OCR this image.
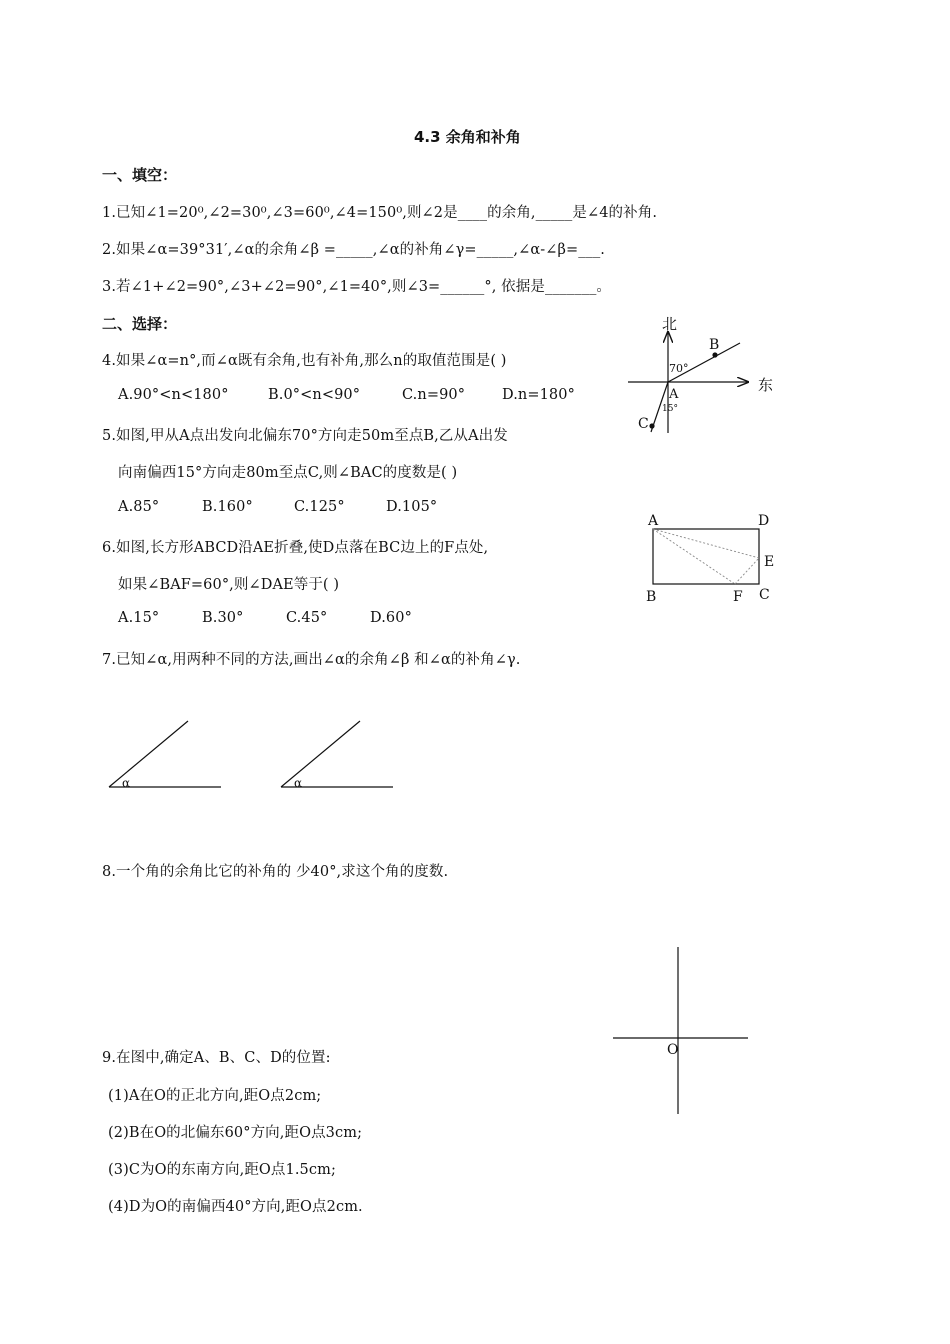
4.3 余角和补角
一、填空：
1.已知∠1=20⁰,∠2=30⁰,∠3=60⁰,∠4=150⁰,则∠2是____的余角,_____是∠4的补角.
2.如果∠α=39°31′,∠α的余角∠β =_____,∠α的补角∠γ=_____,∠α-∠β=___.
3.若∠1+∠2=90°,∠3+∠2=90°,∠1=40°,则∠3=______°, 依据是_______。
二、选择：
4.如果∠α=n°,而∠α既有余角,也有补角,那么n的取值范围是( )
A.90°<n<180°	B.0°<n<90°	C.n=90°	D.n=180°
5.如图,甲从A点出发向北偏东70°方向走50m至点B,乙从A出发
向南偏西15°方向走80m至点C,则∠BAC的度数是( )
A.85°	B.160°	C.125°	D.105°
6.如图,长方形ABCD沿AE折叠,使D点落在BC边上的F点处,
如果∠BAF=60°,则∠DAE等于( )
A.15°	B.30°	C.45°	D.60°
7.已知∠α,用两种不同的方法,画出∠α的余角∠β 和∠α的补角∠γ.
α	α
8.一个角的余角比它的补角的 少40°,求这个角的度数.
9.在图中,确定A、B、C、D的位置:
(1)A在O的正北方向,距O点2cm;
(2)B在O的北偏东60°方向,距O点3cm;
(3)C为O的东南方向,距O点1.5cm;
(4)D为O的南偏西40°方向,距O点2cm.
北
东
B
70°
A
15°
C
A	D
E
B	F C
O
